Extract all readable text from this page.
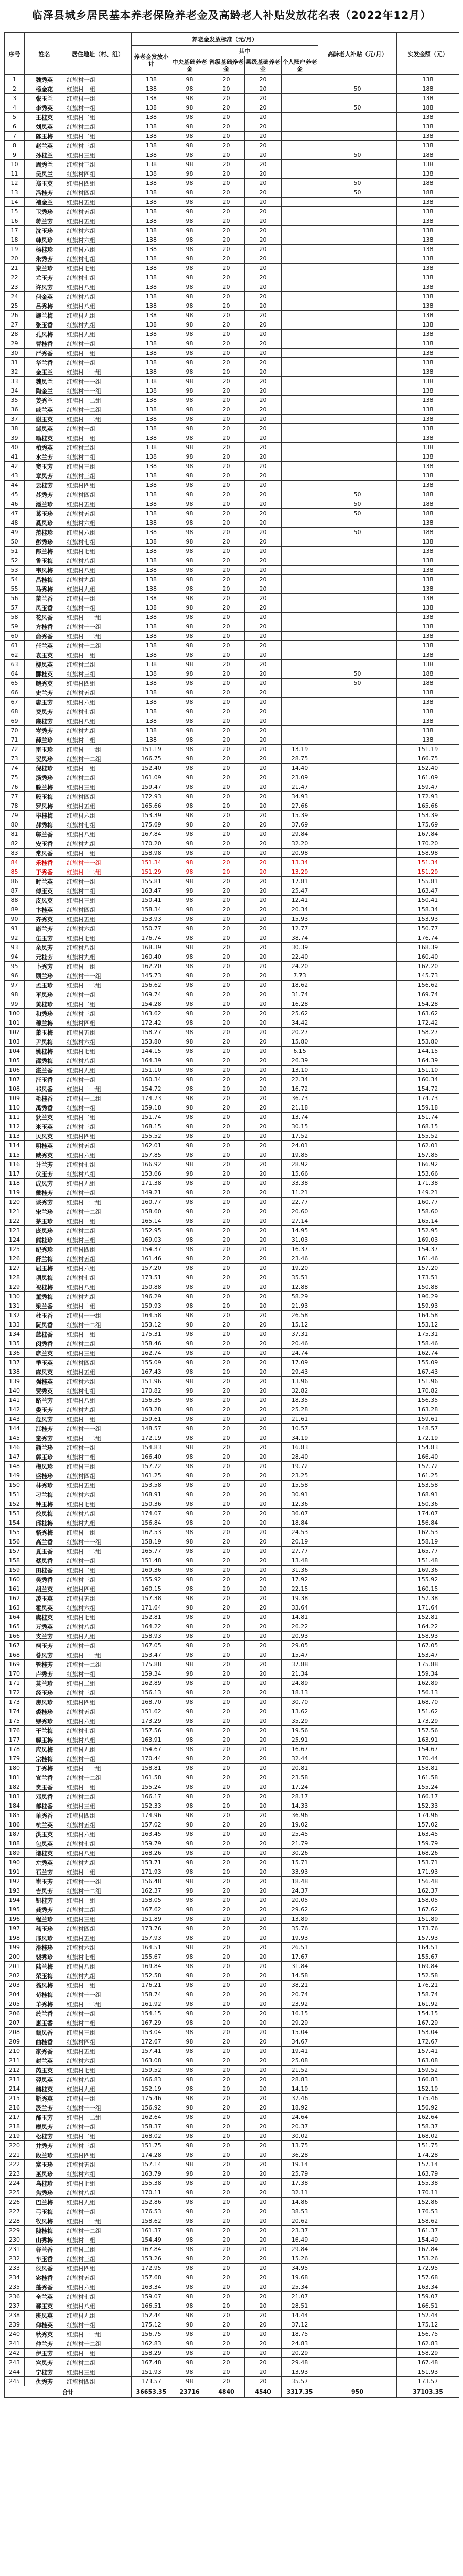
临泽县城乡居民基本养老保险养老金及高龄老人补贴发放花名表（2022年12月）
序号	姓名	居住地址（村、组）	养老金发放标准（元/月）					高龄老人补贴（元/月）	实发金额（元）
			养老金发放小计	其中					
				中央基础养老金	省级基础养老金	县级基础养老金	个人账户养老金		
1	魏秀英	红旗村一组	138	98	20	20			138
2	杨金花	红旗村一组	138	98	20	20		50	188
3	张玉兰	红旗村一组	138	98	20	20			138
4	李秀英	红旗村一组	138	98	20	20		50	188
5	王桂英	红旗村二组	138	98	20	20			138
6	刘凤英	红旗村二组	138	98	20	20			138
7	陈玉梅	红旗村二组	138	98	20	20			138
8	赵兰英	红旗村三组	138	98	20	20			138
9	孙桂兰	红旗村三组	138	98	20	20		50	188
10	周秀兰	红旗村三组	138	98	20	20			138
11	吴凤兰	红旗村四组	138	98	20	20			138
12	郑玉英	红旗村四组	138	98	20	20		50	188
13	冯桂芳	红旗村四组	138	98	20	20		50	188
14	褚金兰	红旗村五组	138	98	20	20			138
15	卫秀珍	红旗村五组	138	98	20	20			138
16	蒋兰芳	红旗村五组	138	98	20	20			138
17	沈玉珍	红旗村六组	138	98	20	20			138
18	韩凤珍	红旗村六组	138	98	20	20			138
19	杨桂珍	红旗村六组	138	98	20	20			138
20	朱秀芳	红旗村七组	138	98	20	20			138
21	秦兰珍	红旗村七组	138	98	20	20			138
22	尤玉芳	红旗村七组	138	98	20	20			138
23	许凤芳	红旗村八组	138	98	20	20			138
24	何金英	红旗村八组	138	98	20	20			138
25	吕秀梅	红旗村八组	138	98	20	20			138
26	施兰梅	红旗村九组	138	98	20	20			138
27	张玉香	红旗村九组	138	98	20	20			138
28	孔凤梅	红旗村九组	138	98	20	20			138
29	曹桂香	红旗村十组	138	98	20	20			138
30	严秀香	红旗村十组	138	98	20	20			138
31	华兰香	红旗村十组	138	98	20	20			138
32	金玉兰	红旗村十一组	138	98	20	20			138
33	魏凤兰	红旗村十一组	138	98	20	20			138
34	陶金兰	红旗村十一组	138	98	20	20			138
35	姜秀兰	红旗村十二组	138	98	20	20			138
36	戚兰英	红旗村十二组	138	98	20	20			138
37	谢玉英	红旗村十二组	138	98	20	20			138
38	邹凤英	红旗村一组	138	98	20	20			138
39	喻桂英	红旗村一组	138	98	20	20			138
40	柏秀英	红旗村二组	138	98	20	20			138
41	水兰芳	红旗村二组	138	98	20	20			138
42	窦玉芳	红旗村三组	138	98	20	20			138
43	章凤芳	红旗村三组	138	98	20	20			138
44	云桂芳	红旗村四组	138	98	20	20			138
45	苏秀芳	红旗村四组	138	98	20	20		50	188
46	潘兰珍	红旗村五组	138	98	20	20		50	188
47	葛玉珍	红旗村五组	138	98	20	20		50	188
48	奚凤珍	红旗村六组	138	98	20	20			138
49	范桂珍	红旗村六组	138	98	20	20		50	188
50	彭秀珍	红旗村七组	138	98	20	20			138
51	郎兰梅	红旗村七组	138	98	20	20			138
52	鲁玉梅	红旗村八组	138	98	20	20			138
53	韦凤梅	红旗村八组	138	98	20	20			138
54	昌桂梅	红旗村九组	138	98	20	20			138
55	马秀梅	红旗村九组	138	98	20	20			138
56	苗兰香	红旗村十组	138	98	20	20			138
57	凤玉香	红旗村十组	138	98	20	20			138
58	花凤香	红旗村十一组	138	98	20	20			138
59	方桂香	红旗村十一组	138	98	20	20			138
60	俞秀香	红旗村十二组	138	98	20	20			138
61	任兰英	红旗村十二组	138	98	20	20			138
62	袁玉英	红旗村一组	138	98	20	20			138
63	柳凤英	红旗村二组	138	98	20	20			138
64	酆桂英	红旗村三组	138	98	20	20		50	188
65	鲍秀英	红旗村四组	138	98	20	20		50	188
66	史兰芳	红旗村五组	138	98	20	20			138
67	唐玉芳	红旗村六组	138	98	20	20			138
68	费凤芳	红旗村七组	138	98	20	20			138
69	廉桂芳	红旗村八组	138	98	20	20			138
70	岑秀芳	红旗村九组	138	98	20	20			138
71	薛兰珍	红旗村十组	138	98	20	20			138
72	雷玉珍	红旗村十一组	151.19	98	20	20	13.19		151.19
73	贺凤珍	红旗村十二组	166.75	98	20	20	28.75		166.75
74	倪桂珍	红旗村一组	152.40	98	20	20	14.40		152.40
75	汤秀珍	红旗村二组	161.09	98	20	20	23.09		161.09
76	滕兰梅	红旗村三组	159.47	98	20	20	21.47		159.47
77	殷玉梅	红旗村四组	172.93	98	20	20	34.93		172.93
78	罗凤梅	红旗村五组	165.66	98	20	20	27.66		165.66
79	毕桂梅	红旗村六组	153.39	98	20	20	15.39		153.39
80	郝秀梅	红旗村七组	175.69	98	20	20	37.69		175.69
81	邬兰香	红旗村八组	167.84	98	20	20	29.84		167.84
82	安玉香	红旗村九组	170.20	98	20	20	32.20		170.20
83	常凤香	红旗村十组	158.98	98	20	20	20.98		158.98
84	乐桂香	红旗村十一组	151.34	98	20	20	13.34		151.34
85	于秀香	红旗村十二组	151.29	98	20	20	13.29		151.29
86	时兰英	红旗村一组	155.81	98	20	20	17.81		155.81
87	傅玉英	红旗村二组	163.47	98	20	20	25.47		163.47
88	皮凤英	红旗村三组	150.41	98	20	20	12.41		150.41
89	卞桂英	红旗村四组	158.34	98	20	20	20.34		158.34
90	齐秀英	红旗村五组	153.93	98	20	20	15.93		153.93
91	康兰芳	红旗村六组	150.77	98	20	20	12.77		150.77
92	伍玉芳	红旗村七组	176.74	98	20	20	38.74		176.74
93	余凤芳	红旗村八组	168.39	98	20	20	30.39		168.39
94	元桂芳	红旗村九组	160.40	98	20	20	22.40		160.40
95	卜秀芳	红旗村十组	162.20	98	20	20	24.20		162.20
96	顾兰珍	红旗村十一组	145.73	98	20	20	7.73		145.73
97	孟玉珍	红旗村十二组	156.62	98	20	20	18.62		156.62
98	平凤珍	红旗村一组	169.74	98	20	20	31.74		169.74
99	黄桂珍	红旗村二组	154.28	98	20	20	16.28		154.28
100	和秀珍	红旗村三组	163.62	98	20	20	25.62		163.62
101	穆兰梅	红旗村四组	172.42	98	20	20	34.42		172.42
102	萧玉梅	红旗村五组	158.27	98	20	20	20.27		158.27
103	尹凤梅	红旗村六组	153.80	98	20	20	15.80		153.80
104	姚桂梅	红旗村七组	144.15	98	20	20	6.15		144.15
105	邵秀梅	红旗村八组	164.39	98	20	20	26.39		164.39
106	湛兰香	红旗村九组	151.10	98	20	20	13.10		151.10
107	汪玉香	红旗村十组	160.34	98	20	20	22.34		160.34
108	祁凤香	红旗村十一组	154.72	98	20	20	16.72		154.72
109	毛桂香	红旗村十二组	174.73	98	20	20	36.73		174.73
110	禹秀香	红旗村一组	159.18	98	20	20	21.18		159.18
111	狄兰英	红旗村二组	151.74	98	20	20	13.74		151.74
112	米玉英	红旗村三组	168.15	98	20	20	30.15		168.15
113	贝凤英	红旗村四组	155.52	98	20	20	17.52		155.52
114	明桂英	红旗村五组	162.01	98	20	20	24.01		162.01
115	臧秀英	红旗村六组	157.85	98	20	20	19.85		157.85
116	计兰芳	红旗村七组	166.92	98	20	20	28.92		166.92
117	伏玉芳	红旗村八组	153.66	98	20	20	15.66		153.66
118	成凤芳	红旗村九组	171.38	98	20	20	33.38		171.38
119	戴桂芳	红旗村十组	149.21	98	20	20	11.21		149.21
120	谈秀芳	红旗村十一组	160.77	98	20	20	22.77		160.77
121	宋兰珍	红旗村十二组	158.60	98	20	20	20.60		158.60
122	茅玉珍	红旗村一组	165.14	98	20	20	27.14		165.14
123	庞凤珍	红旗村二组	152.95	98	20	20	14.95		152.95
124	熊桂珍	红旗村三组	169.03	98	20	20	31.03		169.03
125	纪秀珍	红旗村四组	154.37	98	20	20	16.37		154.37
126	舒兰梅	红旗村五组	161.46	98	20	20	23.46		161.46
127	屈玉梅	红旗村六组	157.20	98	20	20	19.20		157.20
128	项凤梅	红旗村七组	173.51	98	20	20	35.51		173.51
129	祝桂梅	红旗村八组	150.88	98	20	20	12.88		150.88
130	董秀梅	红旗村九组	196.29	98	20	20	58.29		196.29
131	梁兰香	红旗村十组	159.93	98	20	20	21.93		159.93
132	杜玉香	红旗村十一组	164.58	98	20	20	26.58		164.58
133	阮凤香	红旗村十二组	153.12	98	20	20	15.12		153.12
134	蓝桂香	红旗村一组	175.31	98	20	20	37.31		175.31
135	闵秀香	红旗村二组	158.46	98	20	20	20.46		158.46
136	席兰英	红旗村三组	162.74	98	20	20	24.74		162.74
137	季玉英	红旗村四组	155.09	98	20	20	17.09		155.09
138	麻凤英	红旗村五组	167.43	98	20	20	29.43		167.43
139	强桂英	红旗村六组	151.96	98	20	20	13.96		151.96
140	贾秀英	红旗村七组	170.82	98	20	20	32.82		170.82
141	路兰芳	红旗村八组	156.35	98	20	20	18.35		156.35
142	娄玉芳	红旗村九组	163.28	98	20	20	25.28		163.28
143	危凤芳	红旗村十组	159.61	98	20	20	21.61		159.61
144	江桂芳	红旗村十一组	148.57	98	20	20	10.57		148.57
145	童秀芳	红旗村十二组	172.19	98	20	20	34.19		172.19
146	颜兰珍	红旗村一组	154.83	98	20	20	16.83		154.83
147	郭玉珍	红旗村二组	166.40	98	20	20	28.40		166.40
148	梅凤珍	红旗村三组	157.72	98	20	20	19.72		157.72
149	盛桂珍	红旗村四组	161.25	98	20	20	23.25		161.25
150	林秀珍	红旗村五组	153.58	98	20	20	15.58		153.58
151	刁兰梅	红旗村六组	168.91	98	20	20	30.91		168.91
152	钟玉梅	红旗村七组	150.36	98	20	20	12.36		150.36
153	徐凤梅	红旗村八组	174.07	98	20	20	36.07		174.07
154	邱桂梅	红旗村九组	156.84	98	20	20	18.84		156.84
155	骆秀梅	红旗村十组	162.53	98	20	20	24.53		162.53
156	高兰香	红旗村十一组	158.19	98	20	20	20.19		158.19
157	夏玉香	红旗村十二组	165.77	98	20	20	27.77		165.77
158	蔡凤香	红旗村一组	151.48	98	20	20	13.48		151.48
159	田桂香	红旗村二组	169.36	98	20	20	31.36		169.36
160	樊秀香	红旗村三组	155.92	98	20	20	17.92		155.92
161	胡兰英	红旗村四组	160.15	98	20	20	22.15		160.15
162	凌玉英	红旗村五组	157.38	98	20	20	19.38		157.38
163	霍凤英	红旗村六组	171.64	98	20	20	33.64		171.64
164	虞桂英	红旗村七组	152.81	98	20	20	14.81		152.81
165	万秀英	红旗村八组	164.22	98	20	20	26.22		164.22
166	支兰芳	红旗村九组	158.93	98	20	20	20.93		158.93
167	柯玉芳	红旗村十组	167.05	98	20	20	29.05		167.05
168	昝凤芳	红旗村十一组	153.47	98	20	20	15.47		153.47
169	管桂芳	红旗村十二组	175.88	98	20	20	37.88		175.88
170	卢秀芳	红旗村一组	159.34	98	20	20	21.34		159.34
171	莫兰珍	红旗村二组	162.89	98	20	20	24.89		162.89
172	经玉珍	红旗村三组	156.13	98	20	20	18.13		156.13
173	房凤珍	红旗村四组	168.70	98	20	20	30.70		168.70
174	裘桂珍	红旗村五组	151.62	98	20	20	13.62		151.62
175	缪秀珍	红旗村六组	173.29	98	20	20	35.29		173.29
176	干兰梅	红旗村七组	157.56	98	20	20	19.56		157.56
177	解玉梅	红旗村八组	163.91	98	20	20	25.91		163.91
178	应凤梅	红旗村九组	154.67	98	20	20	16.67		154.67
179	宗桂梅	红旗村十组	170.44	98	20	20	32.44		170.44
180	丁秀梅	红旗村十一组	158.81	98	20	20	20.81		158.81
181	宣兰香	红旗村十二组	161.58	98	20	20	23.58		161.58
182	贲玉香	红旗村一组	155.24	98	20	20	17.24		155.24
183	邓凤香	红旗村二组	166.17	98	20	20	28.17		166.17
184	郁桂香	红旗村三组	152.33	98	20	20	14.33		152.33
185	单秀香	红旗村四组	174.96	98	20	20	36.96		174.96
186	杭兰英	红旗村五组	157.02	98	20	20	19.02		157.02
187	洪玉英	红旗村六组	163.45	98	20	20	25.45		163.45
188	包凤英	红旗村七组	159.79	98	20	20	21.79		159.79
189	诸桂英	红旗村八组	168.26	98	20	20	30.26		168.26
190	左秀英	红旗村九组	153.71	98	20	20	15.71		153.71
191	石兰芳	红旗村十组	171.93	98	20	20	33.93		171.93
192	崔玉芳	红旗村十一组	156.48	98	20	20	18.48		156.48
193	吉凤芳	红旗村十二组	162.37	98	20	20	24.37		162.37
194	钮桂芳	红旗村一组	158.05	98	20	20	20.05		158.05
195	龚秀芳	红旗村二组	167.62	98	20	20	29.62		167.62
196	程兰珍	红旗村三组	151.89	98	20	20	13.89		151.89
197	嵇玉珍	红旗村四组	173.76	98	20	20	35.76		173.76
198	邢凤珍	红旗村五组	157.93	98	20	20	19.93		157.93
199	滑桂珍	红旗村六组	164.51	98	20	20	26.51		164.51
200	裴秀珍	红旗村七组	155.67	98	20	20	17.67		155.67
201	陆兰梅	红旗村八组	169.84	98	20	20	31.84		169.84
202	荣玉梅	红旗村九组	152.58	98	20	20	14.58		152.58
203	翁凤梅	红旗村十组	176.21	98	20	20	38.21		176.21
204	荀桂梅	红旗村十一组	158.74	98	20	20	20.74		158.74
205	羊秀梅	红旗村十二组	161.92	98	20	20	23.92		161.92
206	於兰香	红旗村一组	154.15	98	20	20	16.15		154.15
207	惠玉香	红旗村二组	167.29	98	20	20	29.29		167.29
208	甄凤香	红旗村三组	153.04	98	20	20	15.04		153.04
209	曲桂香	红旗村四组	172.67	98	20	20	34.67		172.67
210	家秀香	红旗村五组	157.41	98	20	20	19.41		157.41
211	封兰英	红旗村六组	163.08	98	20	20	25.08		163.08
212	芮玉英	红旗村七组	159.52	98	20	20	21.52		159.52
213	羿凤英	红旗村八组	166.83	98	20	20	28.83		166.83
214	储桂英	红旗村九组	152.19	98	20	20	14.19		152.19
215	靳秀英	红旗村十组	175.46	98	20	20	37.46		175.46
216	汲兰芳	红旗村十一组	156.92	98	20	20	18.92		156.92
217	邴玉芳	红旗村十二组	162.64	98	20	20	24.64		162.64
218	糜凤芳	红旗村一组	158.37	98	20	20	20.37		158.37
219	松桂芳	红旗村二组	168.02	98	20	20	30.02		168.02
220	井秀芳	红旗村三组	151.75	98	20	20	13.75		151.75
221	段兰珍	红旗村四组	174.28	98	20	20	36.28		174.28
222	富玉珍	红旗村五组	157.14	98	20	20	19.14		157.14
223	巫凤珍	红旗村六组	163.79	98	20	20	25.79		163.79
224	乌桂珍	红旗村七组	155.38	98	20	20	17.38		155.38
225	焦秀珍	红旗村八组	170.11	98	20	20	32.11		170.11
226	巴兰梅	红旗村九组	152.86	98	20	20	14.86		152.86
227	弓玉梅	红旗村十组	176.53	98	20	20	38.53		176.53
228	牧凤梅	红旗村十一组	158.62	98	20	20	20.62		158.62
229	隗桂梅	红旗村十二组	161.37	98	20	20	23.37		161.37
230	山秀梅	红旗村一组	154.49	98	20	20	16.49		154.49
231	谷兰香	红旗村二组	167.84	98	20	20	29.84		167.84
232	车玉香	红旗村三组	153.26	98	20	20	15.26		153.26
233	侯凤香	红旗村四组	172.95	98	20	20	34.95		172.95
234	宓桂香	红旗村五组	157.68	98	20	20	19.68		157.68
235	蓬秀香	红旗村六组	163.34	98	20	20	25.34		163.34
236	全兰英	红旗村七组	159.07	98	20	20	21.07		159.07
237	郗玉英	红旗村八组	166.51	98	20	20	28.51		166.51
238	班凤英	红旗村九组	152.44	98	20	20	14.44		152.44
239	仰桂英	红旗村十组	175.12	98	20	20	37.12		175.12
240	秋秀英	红旗村十一组	156.75	98	20	20	18.75		156.75
241	仲兰芳	红旗村十二组	162.83	98	20	20	24.83		162.83
242	伊玉芳	红旗村一组	158.29	98	20	20	20.29		158.29
243	宫凤芳	红旗村二组	167.48	98	20	20	29.48		167.48
244	宁桂芳	红旗村三组	151.93	98	20	20	13.93		151.93
245	仇秀芳	红旗村四组	173.57	98	20	20	35.57		173.57
合计			36653.35	23716	4840	4540	3317.35	950	37103.35
